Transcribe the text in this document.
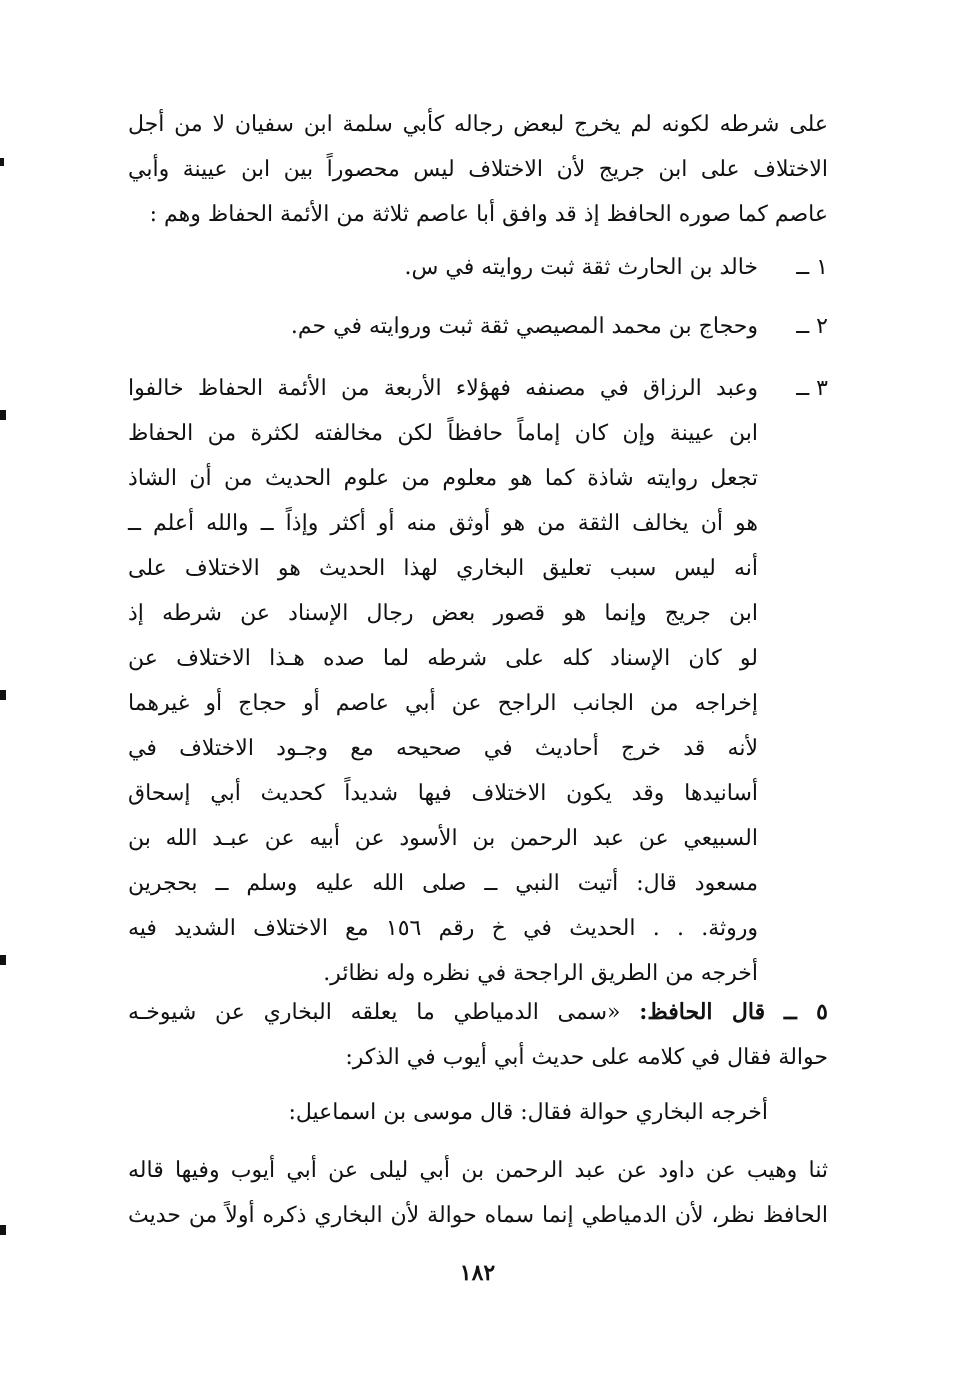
على شرطه لكونه لم يخرج لبعض رجاله كأبي سلمة ابن سفيان لا من أجل
الاختلاف على ابن جريج لأن الاختلاف ليس محصوراً بين ابن عيينة وأبي
عاصم كما صوره الحافظ إذ قد وافق أبا عاصم ثلاثة من الأئمة الحفاظ وهم :
١ ــ
خالد بن الحارث ثقة ثبت روايته في س.
٢ ــ
وحجاج بن محمد المصيصي ثقة ثبت وروايته في حم.
٣ ــ
وعبد الرزاق في مصنفه فهؤلاء الأربعة من الأئمة الحفاظ خالفوا
ابن عيينة وإن كان إماماً حافظاً لكن مخالفته لكثرة من الحفاظ
تجعل روايته شاذة كما هو معلوم من علوم الحديث من أن الشاذ
هو أن يخالف الثقة من هو أوثق منه أو أكثر وإذاً ــ والله أعلم ــ
أنه ليس سبب تعليق البخاري لهذا الحديث هو الاختلاف على
ابن جريج وإنما هو قصور بعض رجال الإسناد عن شرطه إذ
لو كان الإسناد كله على شرطه لما صده هـذا الاختلاف عن
إخراجه من الجانب الراجح عن أبي عاصم أو حجاج أو غيرهما
لأنه قد خرج أحاديث في صحيحه مع وجـود الاختلاف في
أسانيدها وقد يكون الاختلاف فيها شديداً كحديث أبي إسحاق
السبيعي عن عبد الرحمن بن الأسود عن أبيه عن عبـد الله بن
مسعود قال: أتيت النبي ــ صلى الله عليه وسلم ــ بحجرين
وروثة. . . الحديث في خ رقم ١٥٦ مع الاختلاف الشديد فيه
أخرجه من الطريق الراجحة في نظره وله نظائر.
٥ ــ قال الحافظ: «سمى الدمياطي ما يعلقه البخاري عن شيوخـه
حوالة فقال في كلامه على حديث أبي أيوب في الذكر:
أخرجه البخاري حوالة فقال: قال موسى بن اسماعيل:
ثنا وهيب عن داود عن عبد الرحمن بن أبي ليلى عن أبي أيوب وفيها قاله
الحافظ نظر، لأن الدمياطي إنما سماه حوالة لأن البخاري ذكره أولاً من حديث
١٨٢
